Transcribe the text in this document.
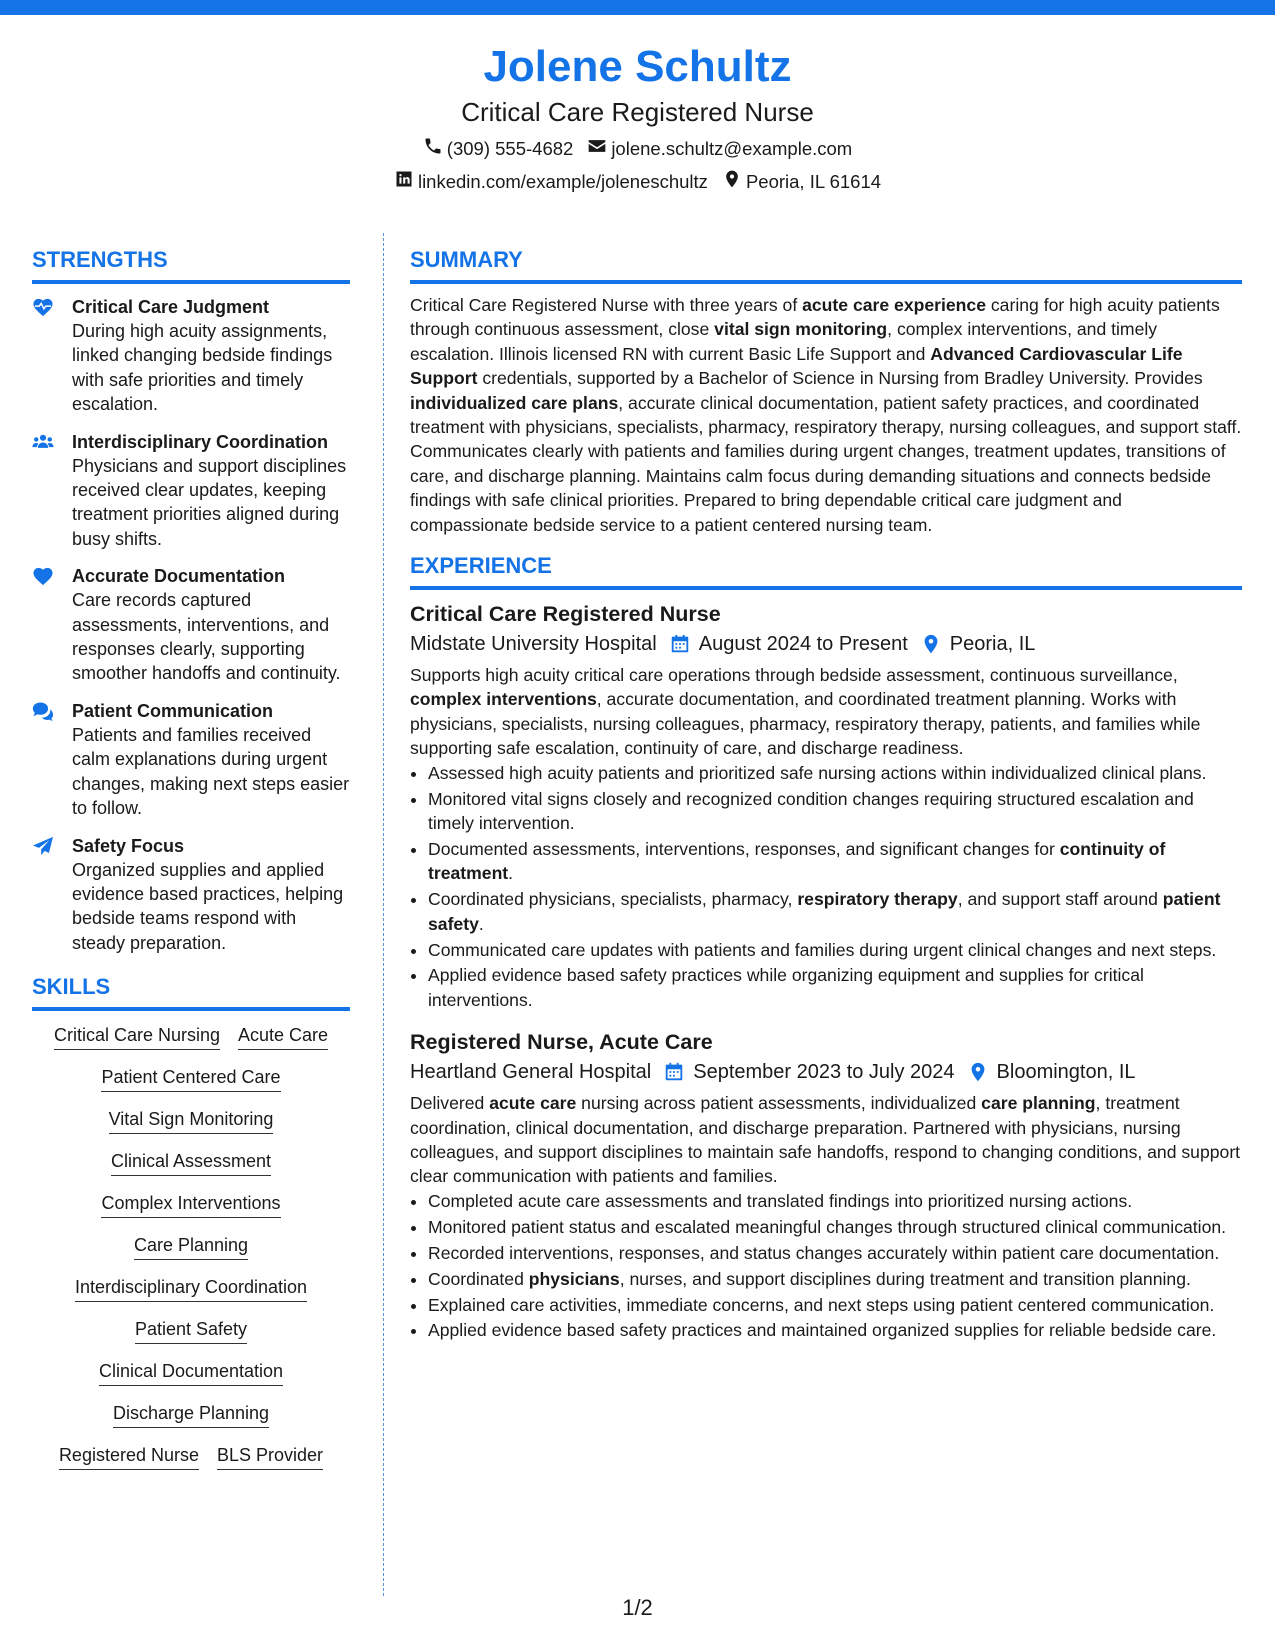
Jolene Schultz
Critical Care Registered Nurse
(309) 555-4682 jolene.schultz@example.com
linkedin.com/example/joleneschultz Peoria, IL 61614
STRENGTHS
Critical Care Judgment
During high acuity assignments, linked changing bedside findings with safe priorities and timely escalation.
Interdisciplinary Coordination
Physicians and support disciplines received clear updates, keeping treatment priorities aligned during busy shifts.
Accurate Documentation
Care records captured assessments, interventions, and responses clearly, supporting smoother handoffs and continuity.
Patient Communication
Patients and families received calm explanations during urgent changes, making next steps easier to follow.
Safety Focus
Organized supplies and applied evidence based practices, helping bedside teams respond with steady preparation.
SKILLS
Critical Care Nursing Acute Care
Patient Centered Care
Vital Sign Monitoring
Clinical Assessment
Complex Interventions
Care Planning
Interdisciplinary Coordination
Patient Safety
Clinical Documentation
Discharge Planning
Registered Nurse BLS Provider
SUMMARY
Critical Care Registered Nurse with three years of acute care experience caring for high acuity patients through continuous assessment, close vital sign monitoring, complex interventions, and timely escalation. Illinois licensed RN with current Basic Life Support and Advanced Cardiovascular Life Support credentials, supported by a Bachelor of Science in Nursing from Bradley University. Provides individualized care plans, accurate clinical documentation, patient safety practices, and coordinated treatment with physicians, specialists, pharmacy, respiratory therapy, nursing colleagues, and support staff. Communicates clearly with patients and families during urgent changes, treatment updates, transitions of care, and discharge planning. Maintains calm focus during demanding situations and connects bedside findings with safe clinical priorities. Prepared to bring dependable critical care judgment and compassionate bedside service to a patient centered nursing team.
EXPERIENCE
Critical Care Registered Nurse
Midstate University Hospital August 2024 to Present Peoria, IL
Supports high acuity critical care operations through bedside assessment, continuous surveillance, complex interventions, accurate documentation, and coordinated treatment planning. Works with physicians, specialists, nursing colleagues, pharmacy, respiratory therapy, patients, and families while supporting safe escalation, continuity of care, and discharge readiness.
• Assessed high acuity patients and prioritized safe nursing actions within individualized clinical plans.
• Monitored vital signs closely and recognized condition changes requiring structured escalation and timely intervention.
• Documented assessments, interventions, responses, and significant changes for continuity of treatment.
• Coordinated physicians, specialists, pharmacy, respiratory therapy, and support staff around patient safety.
• Communicated care updates with patients and families during urgent clinical changes and next steps.
• Applied evidence based safety practices while organizing equipment and supplies for critical interventions.
Registered Nurse, Acute Care
Heartland General Hospital September 2023 to July 2024 Bloomington, IL
Delivered acute care nursing across patient assessments, individualized care planning, treatment coordination, clinical documentation, and discharge preparation. Partnered with physicians, nursing colleagues, and support disciplines to maintain safe handoffs, respond to changing conditions, and support clear communication with patients and families.
• Completed acute care assessments and translated findings into prioritized nursing actions.
• Monitored patient status and escalated meaningful changes through structured clinical communication.
• Recorded interventions, responses, and status changes accurately within patient care documentation.
• Coordinated physicians, nurses, and support disciplines during treatment and transition planning.
• Explained care activities, immediate concerns, and next steps using patient centered communication.
• Applied evidence based safety practices and maintained organized supplies for reliable bedside care.
1/2
